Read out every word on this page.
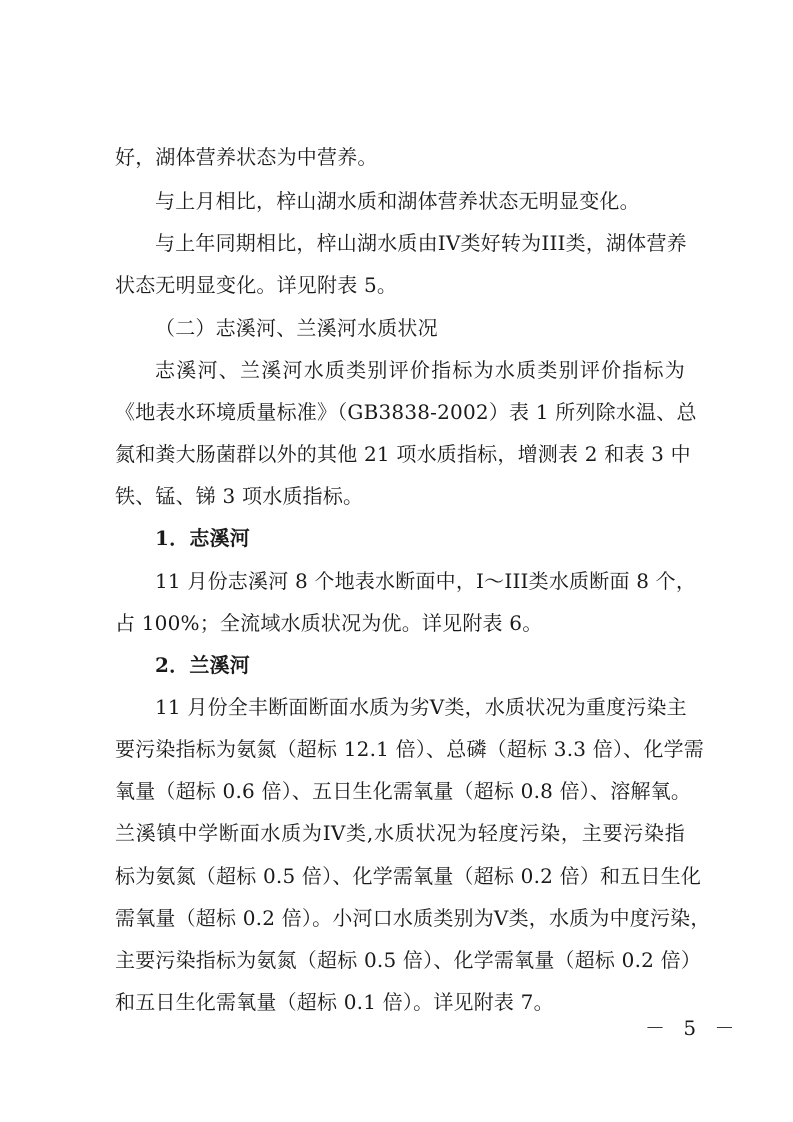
好，湖体营养状态为中营养。
与上月相比，梓山湖水质和湖体营养状态无明显变化。
与上年同期相比，梓山湖水质由IV类好转为III类，湖体营养
状态无明显变化。详见附表 5。
（二）志溪河、兰溪河水质状况
志溪河、兰溪河水质类别评价指标为水质类别评价指标为
《地表水环境质量标准》（GB3838-2002）表 1 所列除水温、总
氮和粪大肠菌群以外的其他 21 项水质指标，增测表 2 和表 3 中
铁、锰、锑 3 项水质指标。
1．志溪河
11 月份志溪河 8 个地表水断面中，I～III类水质断面 8 个，
占 100%；全流域水质状况为优。详见附表 6。
2．兰溪河
11 月份全丰断面断面水质为劣V类，水质状况为重度污染主
要污染指标为氨氮（超标 12.1 倍）、总磷（超标 3.3 倍）、化学需
氧量（超标 0.6 倍）、五日生化需氧量（超标 0.8 倍）、溶解氧。
兰溪镇中学断面水质为IV类,水质状况为轻度污染，主要污染指
标为氨氮（超标 0.5 倍）、化学需氧量（超标 0.2 倍）和五日生化
需氧量（超标 0.2 倍）。小河口水质类别为V类，水质为中度污染，
主要污染指标为氨氮（超标 0.5 倍）、化学需氧量（超标 0.2 倍）
和五日生化需氧量（超标 0.1 倍）。详见附表 7。
－ 5 －
